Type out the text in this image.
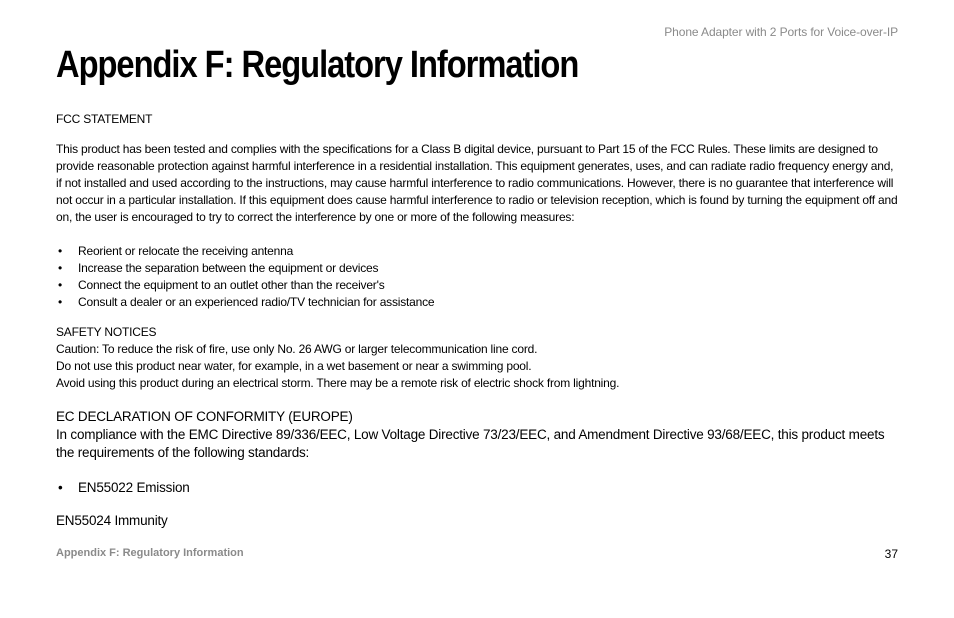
Phone Adapter with 2 Ports for Voice-over-IP
Appendix F: Regulatory Information

FCC STATEMENT

This product has been tested and complies with the specifications for a Class B digital device, pursuant to Part 15 of the FCC Rules. These limits are designed to provide reasonable protection against harmful interference in a residential installation. This equipment generates, uses, and can radiate radio frequency energy and, if not installed and used according to the instructions, may cause harmful interference to radio communications. However, there is no guarantee that interference will not occur in a particular installation. If this equipment does cause harmful interference to radio or television reception, which is found by turning the equipment off and on, the user is encouraged to try to correct the interference by one or more of the following measures:

• Reorient or relocate the receiving antenna
• Increase the separation between the equipment or devices
• Connect the equipment to an outlet other than the receiver's
• Consult a dealer or an experienced radio/TV technician for assistance

SAFETY NOTICES

Caution: To reduce the risk of fire, use only No. 26 AWG or larger telecommunication line cord.

Do not use this product near water, for example, in a wet basement or near a swimming pool.

Avoid using this product during an electrical storm. There may be a remote risk of electric shock from lightning.

EC DECLARATION OF CONFORMITY (EUROPE)

In compliance with the EMC Directive 89/336/EEC, Low Voltage Directive 73/23/EEC, and Amendment Directive 93/68/EEC, this product meets the requirements of the following standards:

• EN55022 Emission

EN55024 Immunity

Appendix F: Regulatory Information	37
